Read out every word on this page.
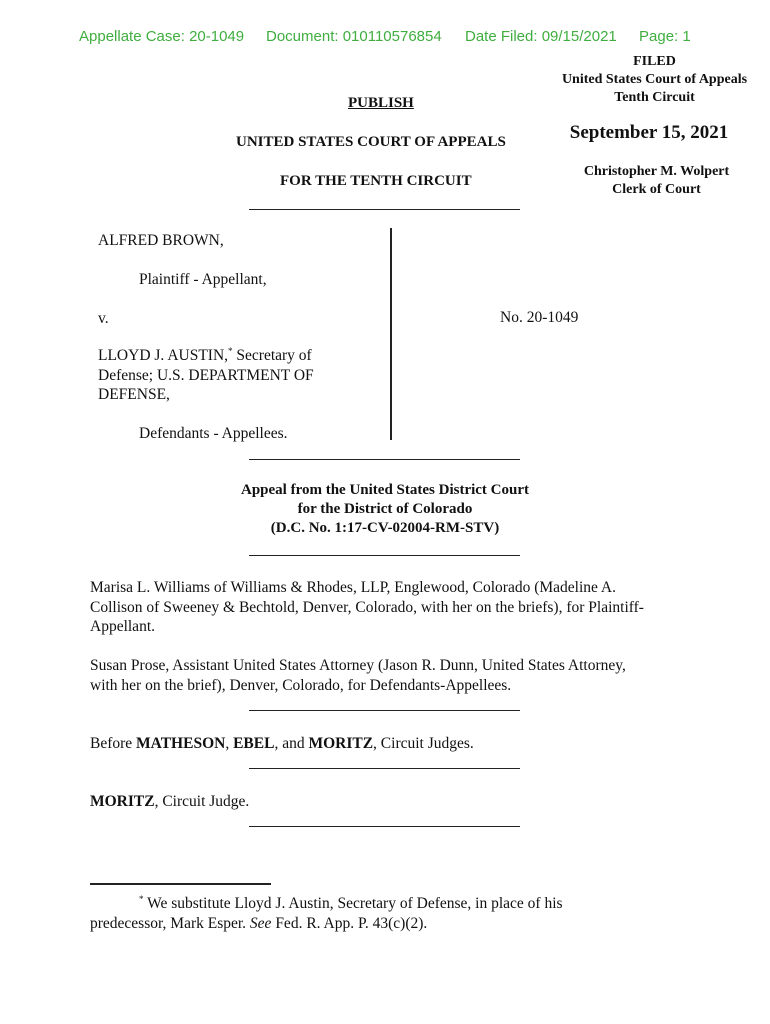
Appellate Case: 20-1049 Document: 010110576854 Date Filed: 09/15/2021 Page: 1
FILED
United States Court of Appeals
Tenth Circuit
September 15, 2021
Christopher M. Wolpert
Clerk of Court
PUBLISH
UNITED STATES COURT OF APPEALS
FOR THE TENTH CIRCUIT
ALFRED BROWN,
Plaintiff - Appellant,
v.
LLOYD J. AUSTIN,* Secretary of
Defense; U.S. DEPARTMENT OF
DEFENSE,
Defendants - Appellees.
No. 20-1049
Appeal from the United States District Court
for the District of Colorado
(D.C. No. 1:17-CV-02004-RM-STV)
Marisa L. Williams of Williams & Rhodes, LLP, Englewood, Colorado (Madeline A.
Collison of Sweeney & Bechtold, Denver, Colorado, with her on the briefs), for Plaintiff-
Appellant.
Susan Prose, Assistant United States Attorney (Jason R. Dunn, United States Attorney,
with her on the brief), Denver, Colorado, for Defendants-Appellees.
Before MATHESON, EBEL, and MORITZ, Circuit Judges.
MORITZ, Circuit Judge.
* We substitute Lloyd J. Austin, Secretary of Defense, in place of his
predecessor, Mark Esper. See Fed. R. App. P. 43(c)(2).
